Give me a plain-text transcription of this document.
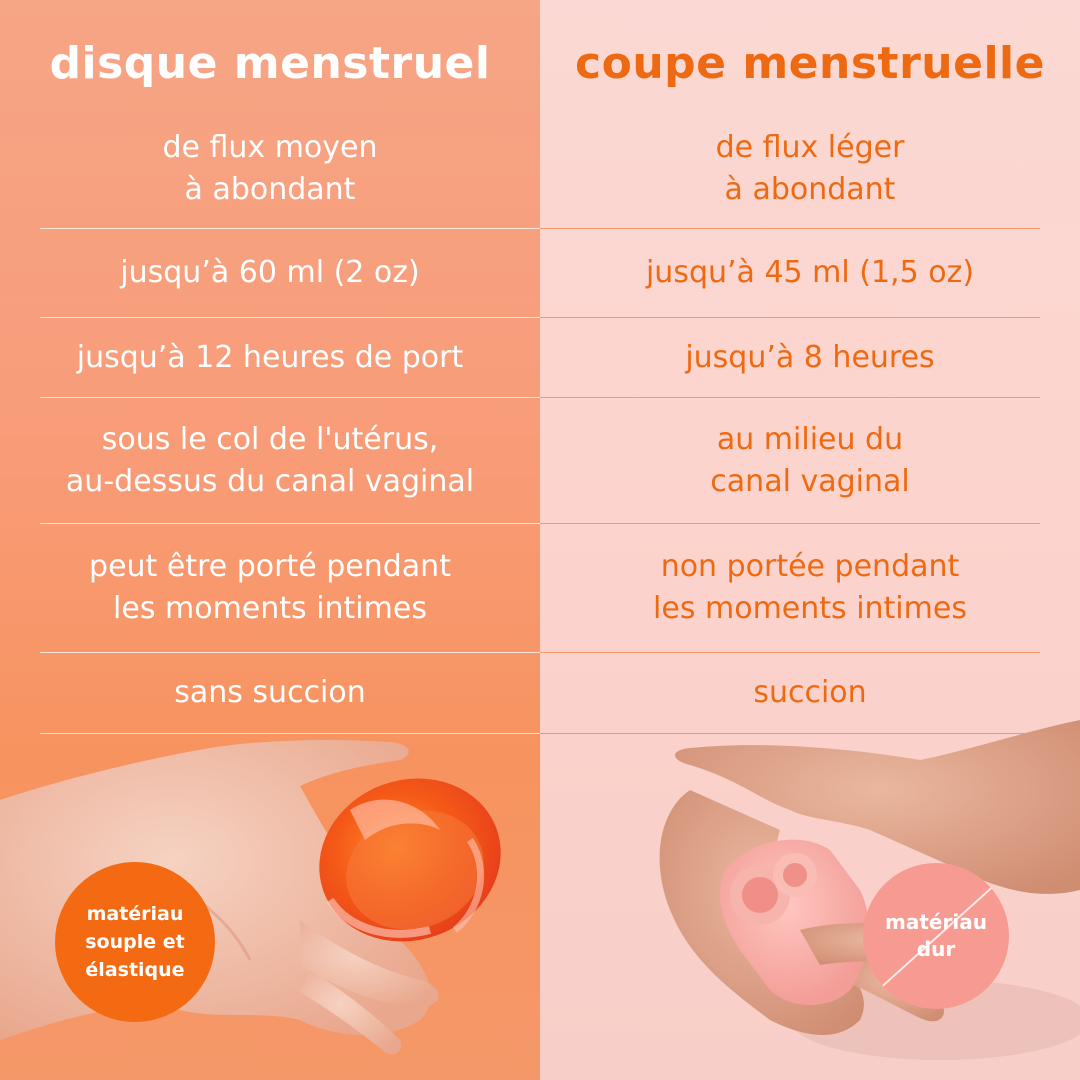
disque menstruel
de flux moyen
à abondant
jusqu’à 60 ml (2 oz)
jusqu’à 12 heures de port
sous le col de l'utérus,
au-dessus du canal vaginal
peut être porté pendant
les moments intimes
sans succion
matériau
souple et
élastique
coupe menstruelle
de flux léger
à abondant
jusqu’à 45 ml (1,5 oz)
jusqu’à 8 heures
au milieu du
canal vaginal
non portée pendant
les moments intimes
succion
matériau
dur
